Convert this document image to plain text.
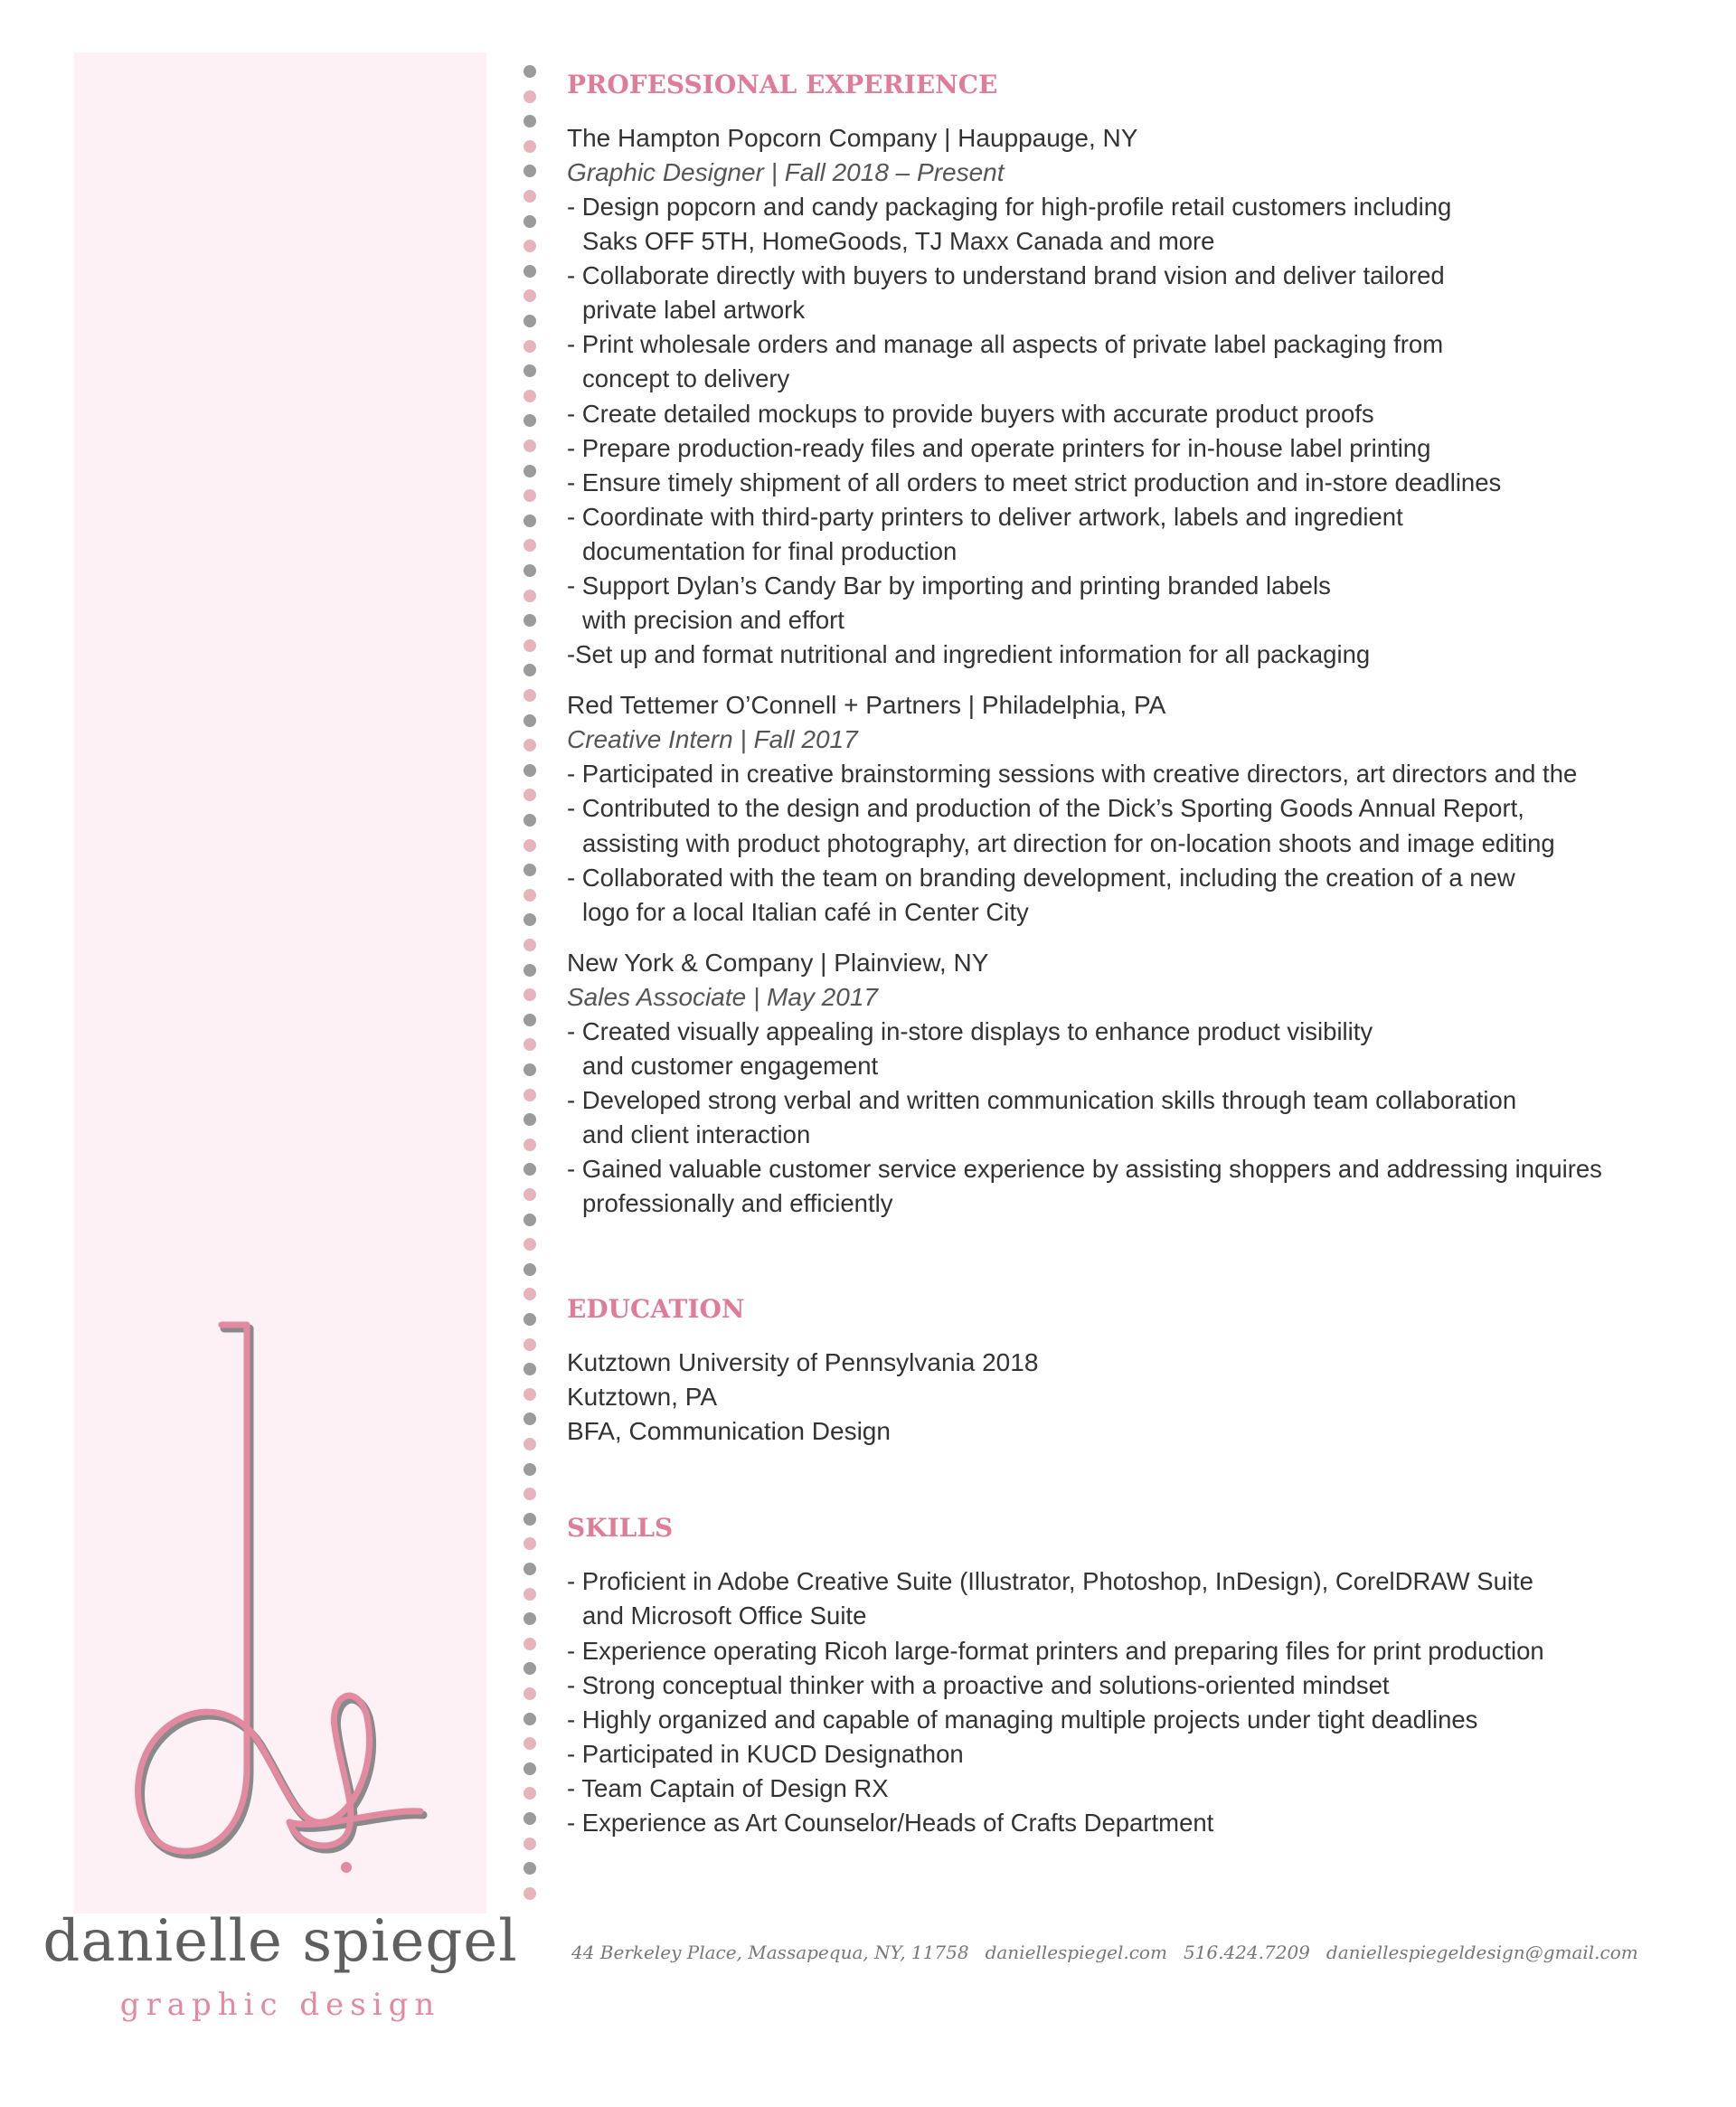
danielle spiegel
graphic design
PROFESSIONAL EXPERIENCE

The Hampton Popcorn Company | Hauppauge, NY

Graphic Designer | Fall 2018 – Present

- Design popcorn and candy packaging for high-profile retail customers including
Saks OFF 5TH, HomeGoods, TJ Maxx Canada and more
- Collaborate directly with buyers to understand brand vision and deliver tailored
private label artwork
- Print wholesale orders and manage all aspects of private label packaging from
concept to delivery
- Create detailed mockups to provide buyers with accurate product proofs
- Prepare production-ready files and operate printers for in-house label printing
- Ensure timely shipment of all orders to meet strict production and in-store deadlines
- Coordinate with third-party printers to deliver artwork, labels and ingredient
documentation for final production
- Support Dylan’s Candy Bar by importing and printing branded labels
with precision and effort
-Set up and format nutritional and ingredient information for all packaging

Red Tettemer O’Connell + Partners | Philadelphia, PA

Creative Intern | Fall 2017

- Participated in creative brainstorming sessions with creative directors, art directors and the
- Contributed to the design and production of the Dick’s Sporting Goods Annual Report,
assisting with product photography, art direction for on-location shoots and image editing
- Collaborated with the team on branding development, including the creation of a new
logo for a local Italian café in Center City

New York & Company | Plainview, NY

Sales Associate | May 2017

- Created visually appealing in-store displays to enhance product visibility
and customer engagement
- Developed strong verbal and written communication skills through team collaboration
and client interaction
- Gained valuable customer service experience by assisting shoppers and addressing inquires
professionally and efficiently
EDUCATION

Kutztown University of Pennsylvania 2018

Kutztown, PA

BFA, Communication Design

SKILLS
- Proficient in Adobe Creative Suite (Illustrator, Photoshop, InDesign), CorelDRAW Suite
and Microsoft Office Suite
- Experience operating Ricoh large-format printers and preparing files for print production
- Strong conceptual thinker with a proactive and solutions-oriented mindset
- Highly organized and capable of managing multiple projects under tight deadlines
- Participated in KUCD Designathon
- Team Captain of Design RX
- Experience as Art Counselor/Heads of Crafts Department
44 Berkeley Place, Massapequa, NY, 11758 daniellespiegel.com 516.424.7209 daniellespiegeldesign@gmail.com
